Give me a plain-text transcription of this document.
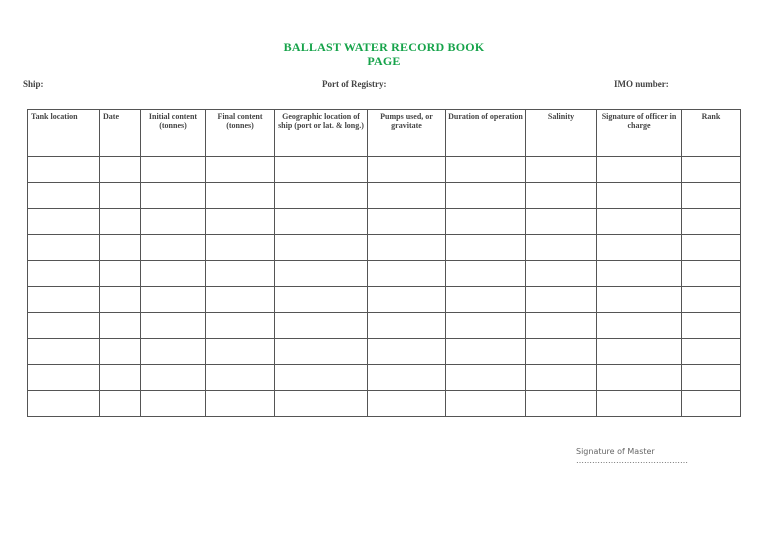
BALLAST WATER RECORD BOOK
PAGE
Ship:	Port of Registry:	IMO number:
Tank location	Date	Initial content (tonnes)	Final content (tonnes)	Geographic location of ship (port or lat. & long.)	Pumps used, or gravitate	Duration of operation	Salinity	Signature of officer in charge	Rank

Signature of Master ……………………………………
